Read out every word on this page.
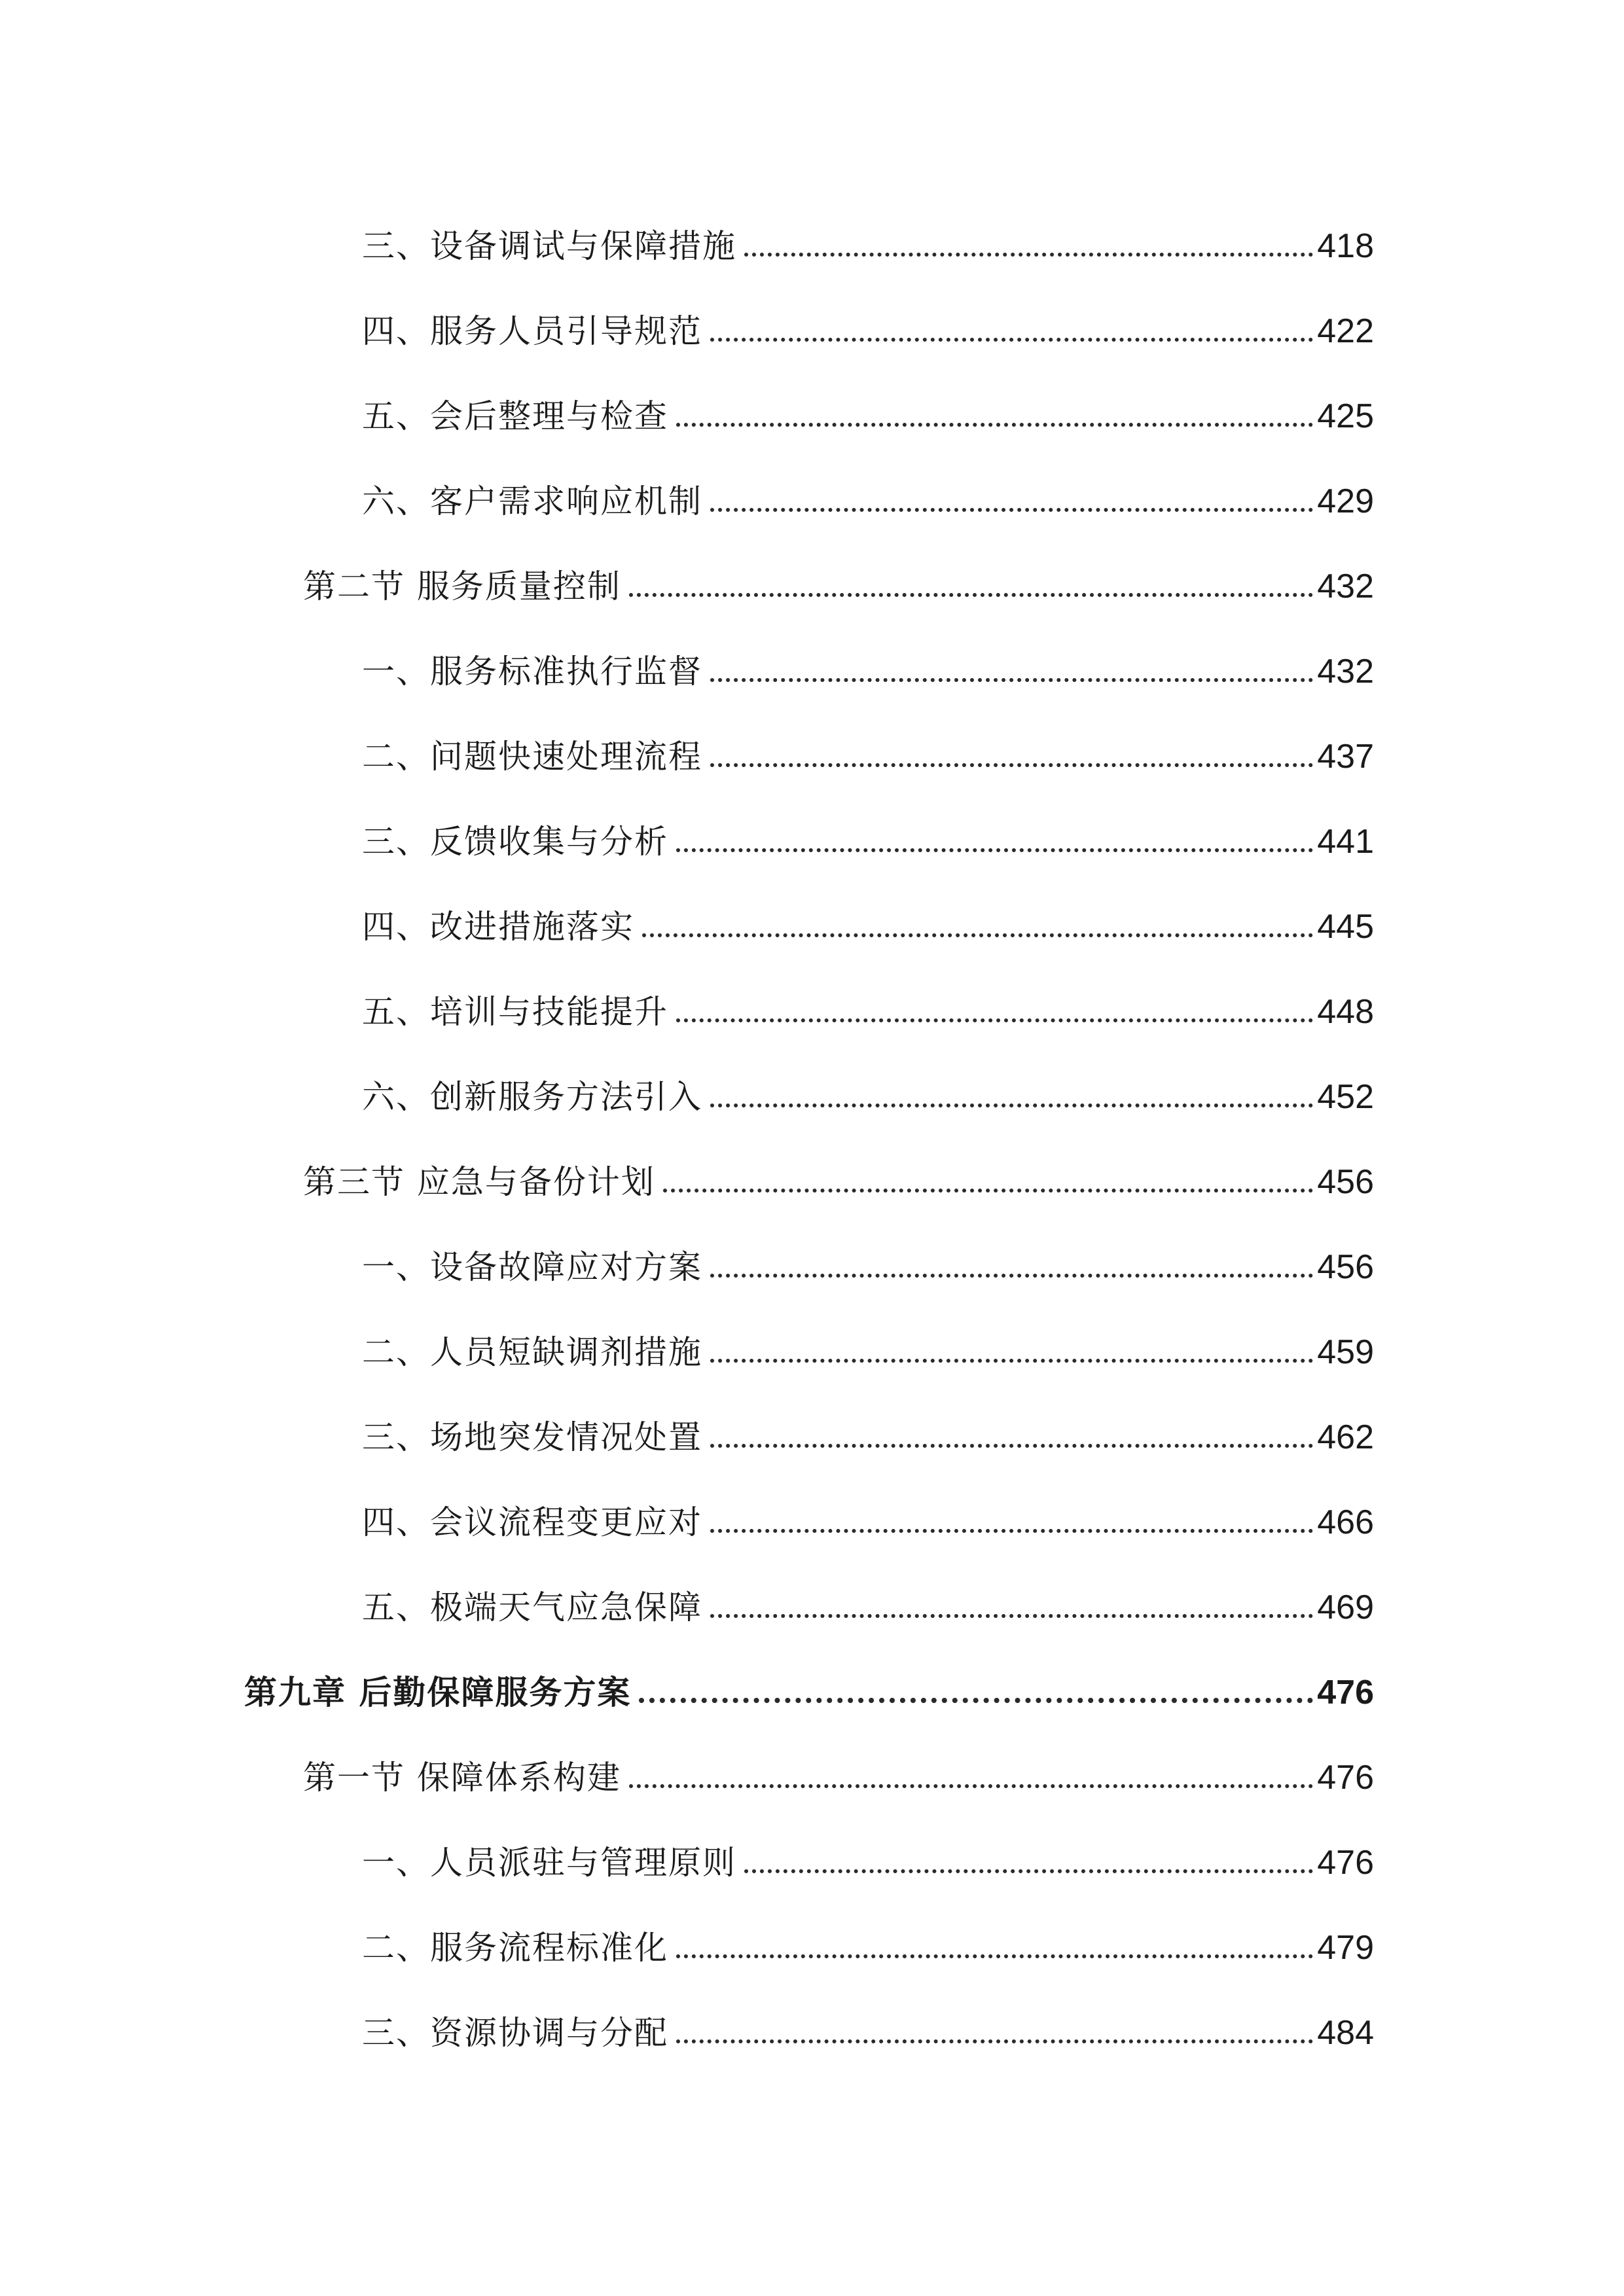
三、设备调试与保障措施	418
四、服务人员引导规范	422
五、会后整理与检查	425
六、客户需求响应机制	429
第二节 服务质量控制	432
一、服务标准执行监督	432
二、问题快速处理流程	437
三、反馈收集与分析	441
四、改进措施落实	445
五、培训与技能提升	448
六、创新服务方法引入	452
第三节 应急与备份计划	456
一、设备故障应对方案	456
二、人员短缺调剂措施	459
三、场地突发情况处置	462
四、会议流程变更应对	466
五、极端天气应急保障	469
第九章 后勤保障服务方案	476
第一节 保障体系构建	476
一、人员派驻与管理原则	476
二、服务流程标准化	479
三、资源协调与分配	484
